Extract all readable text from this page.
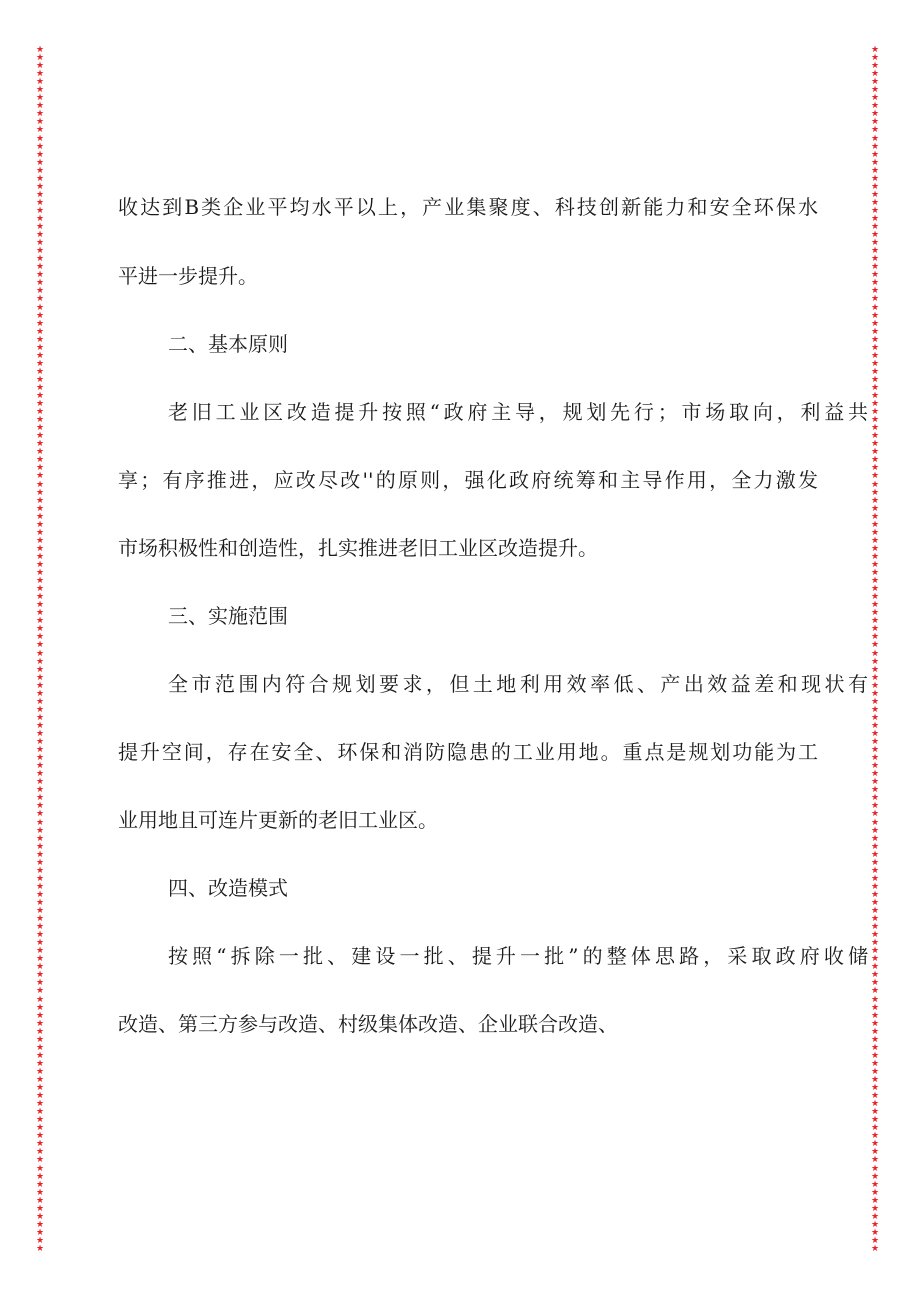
★
★
★
★
★
★
★
★
★
★
★
★
★
★
★
★
★
★
★
★
★
★
★
★
★
★
★
★
★
★
★
★
★
★
★
★
★
★
★
★
★
★
★
★
★
★
★
★
★
★
★
★
★
★
★
★
★
★
★
★
★
★
★
★
★
★
★
★
★
★
★
★
★
★
★
★
★
★
★
★
★
★
★
★
★
★
★
★
★
★
★
★
★
★
★
★
★
★
★
★
★
★
★
★
★
★
★
★
★
★
★
★
★
★
★
★
★
★
★
★
★
★
★
★
★
★
★
★
★
★
★
★
★
★
★
★
★
★
★
★
★
★
★
★
★
★
★
★
★
★
★
★
★
★
★
★
★
★
★
★
★
★
★
★
★
★
★
★
★
★
★
★
★
★
★
★
★
★
★
★
★
★
★
★
★
★
★
★
★
★
★
★
★
★
★
★
★
★
★
★
★
★
★
★
★
★
★
★
★
★
★
★
★
★
★
★
★
★
★
★
★
★
★
★
★
★
★
★
★
★
★
★
★
★
★
★
★
★
★
★
★
★
★
★
★
★
★
★
★
★
★
★
★
★
★
★
★
★
★
★
★
★
★
★
★
★
★
★
★
★
★
★
★
★
★
★
★
★
★
★
★
★
★
★
★
★
★
★
★
★
★
★
★
★
★
★
★
★
★
★
收达到B类企业平均水平以上，产业集聚度、科技创新能力和安全环保水
平进一步提升。
二、基本原则
老旧工业区改造提升按照“政府主导，规划先行；市场取向，利益共
享；有序推进，应改尽改''的原则，强化政府统筹和主导作用，全力激发
市场积极性和创造性，扎实推进老旧工业区改造提升。
三、实施范围
全市范围内符合规划要求，但土地利用效率低、产出效益差和现状有
提升空间，存在安全、环保和消防隐患的工业用地。重点是规划功能为工
业用地且可连片更新的老旧工业区。
四、改造模式
按照“拆除一批、建设一批、提升一批”的整体思路，采取政府收储
改造、第三方参与改造、村级集体改造、企业联合改造、
